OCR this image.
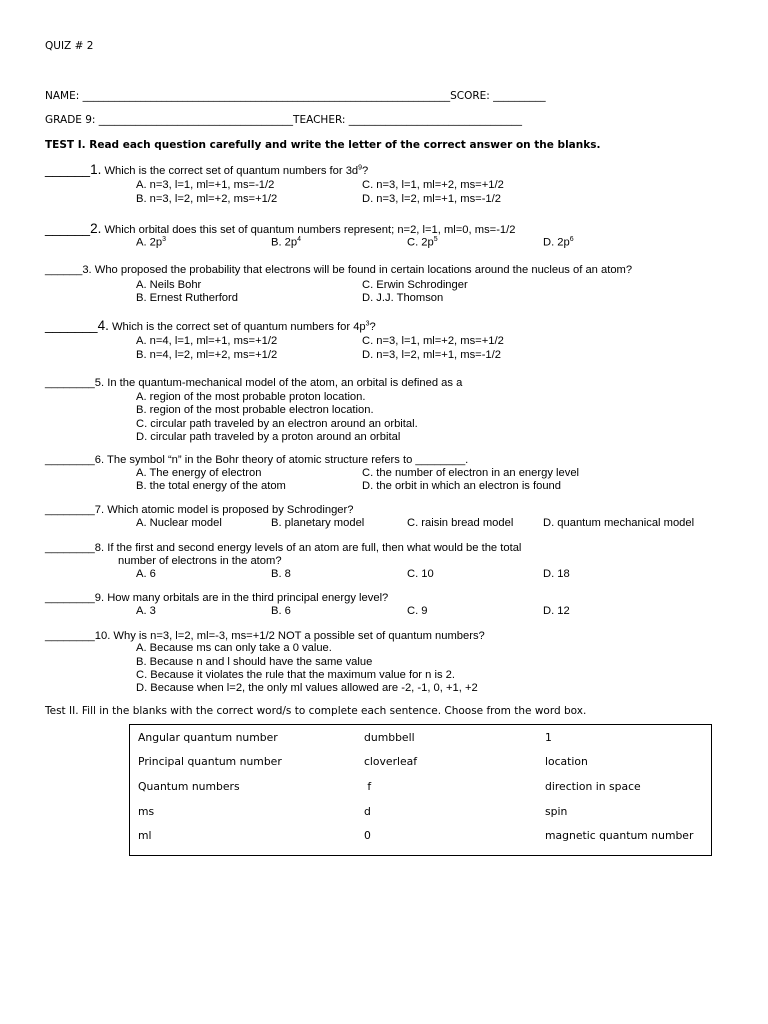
QUIZ # 2
NAME: ______________________________________________________________________SCORE: __________
GRADE 9: _____________________________________TEACHER: _________________________________
TEST I. Read each question carefully and write the letter of the correct answer on the blanks.
______1. Which is the correct set of quantum numbers for $3d^9$?
A. n=3, l=1, ml=+1, ms=-1/2
B. n=3, l=2, ml=+2, ms=+1/2
C. n=3, l=1, ml=+2, ms=+1/2
D. n=3, l=2, ml=+1, ms=-1/2
______2. Which orbital does this set of quantum numbers represent; n=2, l=1, ml=0, ms=-1/2
A. $2p^3$	B. $2p^4$	C. $2p^5$	D. $2p^6$
______3. Who proposed the probability that electrons will be found in certain locations around the nucleus of an atom?
A. Neils Bohr
B. Ernest Rutherford
C. Erwin Schrodinger
D. J.J. Thomson
_______4. Which is the correct set of quantum numbers for $4p^3$?
A. n=4, l=1, ml=+1, ms=+1/2
B. n=4, l=2, ml=+2, ms=+1/2
C. n=3, l=1, ml=+2, ms=+1/2
D. n=3, l=2, ml=+1, ms=-1/2
________5. In the quantum-mechanical model of the atom, an orbital is defined as a
A. region of the most probable proton location.
B. region of the most probable electron location.
C. circular path traveled by an electron around an orbital.
D. circular path traveled by a proton around an orbital
________6. The symbol “n” in the Bohr theory of atomic structure refers to ________.
A. The energy of electron
B. the total energy of the atom
C. the number of electron in an energy level
D. the orbit in which an electron is found
________7. Which atomic model is proposed by Schrodinger?
A. Nuclear model	B. planetary model	C. raisin bread model	D. quantum mechanical model
________8. If the first and second energy levels of an atom are full, then what would be the total
number of electrons in the atom?
A. 6	B. 8	C. 10	D. 18
________9. How many orbitals are in the third principal energy level?
A. 3	B. 6	C. 9	D. 12
________10. Why is n=3, l=2, ml=-3, ms=+1/2 NOT a possible set of quantum numbers?
A. Because ms can only take a 0 value.
B. Because n and l should have the same value
C. Because it violates the rule that the maximum value for n is 2.
D. Because when l=2, the only ml values allowed are -2, -1, 0, +1, +2
Test II. Fill in the blanks with the correct word/s to complete each sentence. Choose from the word box.
Angular quantum number	dumbbell	1
Principal quantum number	cloverleaf	location
Quantum numbers	f	direction in space
ms	d	spin
ml	0	magnetic quantum number
